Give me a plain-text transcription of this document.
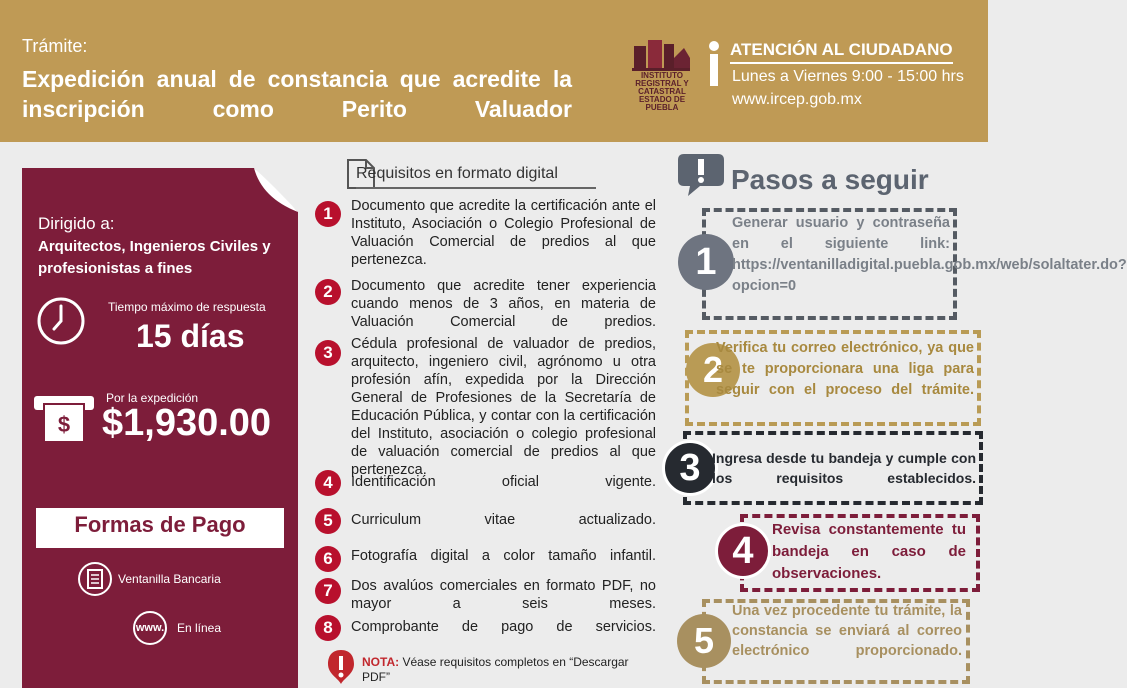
Trámite:
Expedición anual de constancia que acredite la inscripción como Perito Valuador
INSTITUTO REGISTRAL Y CATASTRAL ESTADO DE PUEBLA
ATENCIÓN AL CIUDADANO
Lunes a Viernes 9:00 - 15:00 hrs
www.ircep.gob.mx
Dirigido a:
Arquitectos, Ingenieros Civiles y profesionistas a fines
Tiempo máximo de respuesta
15 días
$
Por la expedición
$1,930.00
Formas de Pago
Ventanilla Bancaria
www. En línea
Requisitos en formato digital
1	Documento que acredite la certificación ante el Instituto, Asociación o Colegio Profesional de Valuación Comercial de predios al que pertenezca.
2	Documento que acredite tener experiencia cuando menos de 3 años, en materia de Valuación Comercial de predios.
3	Cédula profesional de valuador de predios, arquitecto, ingeniero civil, agrónomo u otra profesión afín, expedida por la Dirección General de Profesiones de la Secretaría de Educación Pública, y contar con la certificación del Instituto, asociación o colegio profesional de valuación comercial de predios al que pertenezca.
4	Identificación oficial vigente.
5	Curriculum vitae actualizado.
6	Fotografía digital a color tamaño infantil.
7	Dos avalúos comerciales en formato PDF, no mayor a seis meses.
8	Comprobante de pago de servicios.
NOTA: Véase requisitos completos en “Descargar PDF”
Pasos a seguir
1
Generar usuario y contraseña en el siguiente link: https://ventanilladigital.puebla.gob.mx/web/solaltater.do?opcion=0
2
Verifica tu correo electrónico, ya que se te proporcionara una liga para seguir con el proceso del trámite.
3 Ingresa desde tu bandeja y cumple con los requisitos establecidos.
4	Revisa constantemente tu bandeja en caso de observaciones.
5
Una vez procedente tu trámite, la constancia se enviará al correo electrónico proporcionado.
